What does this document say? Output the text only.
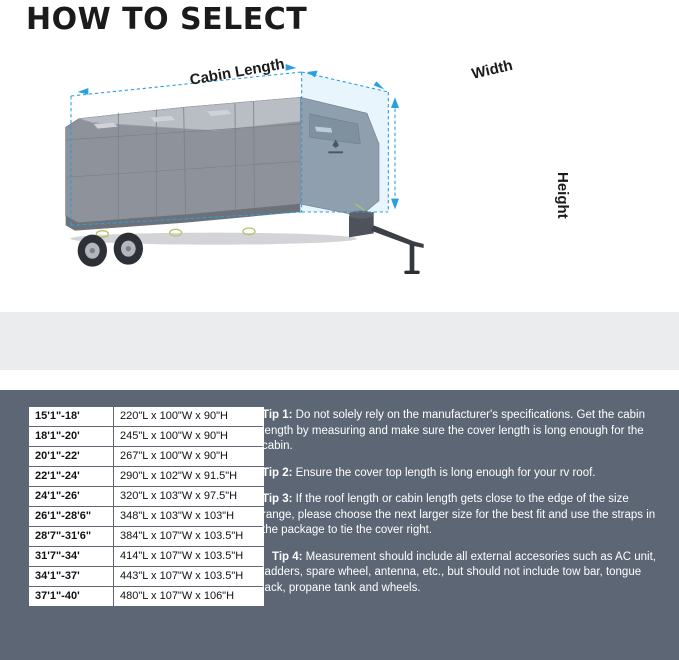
HOW TO SELECT
Cabin Length	Width
Height
15'1"-18'	220"L x 100"W x 90"H
18'1"-20'	245"L x 100"W x 90"H
20'1"-22'	267"L x 100"W x 90"H
22'1"-24'	290"L x 102"W x 91.5"H
24'1"-26'	320"L x 103"W x 97.5"H
26'1"-28'6"	348"L x 103"W x 103"H
28'7"-31'6"	384"L x 107"W x 103.5"H
31'7"-34'	414"L x 107"W x 103.5"H
34'1"-37'	443"L x 107"W x 103.5"H
37'1"-40'	480"L x 107"W x 106"H
Tip 1: Do not solely rely on the manufacturer's specifications. Get the cabin length by measuring and make sure the cover length is long enough for the cabin.
Tip 2: Ensure the cover top length is long enough for your rv roof.
Tip 3: If the roof length or cabin length gets close to the edge of the size range, please choose the next larger size for the best fit and use the straps in the package to tie the cover right.
Tip 4: Measurement should include all external accesories such as AC unit, ladders, spare wheel, antenna, etc., but should not include tow bar, tongue jack, propane tank and wheels.
